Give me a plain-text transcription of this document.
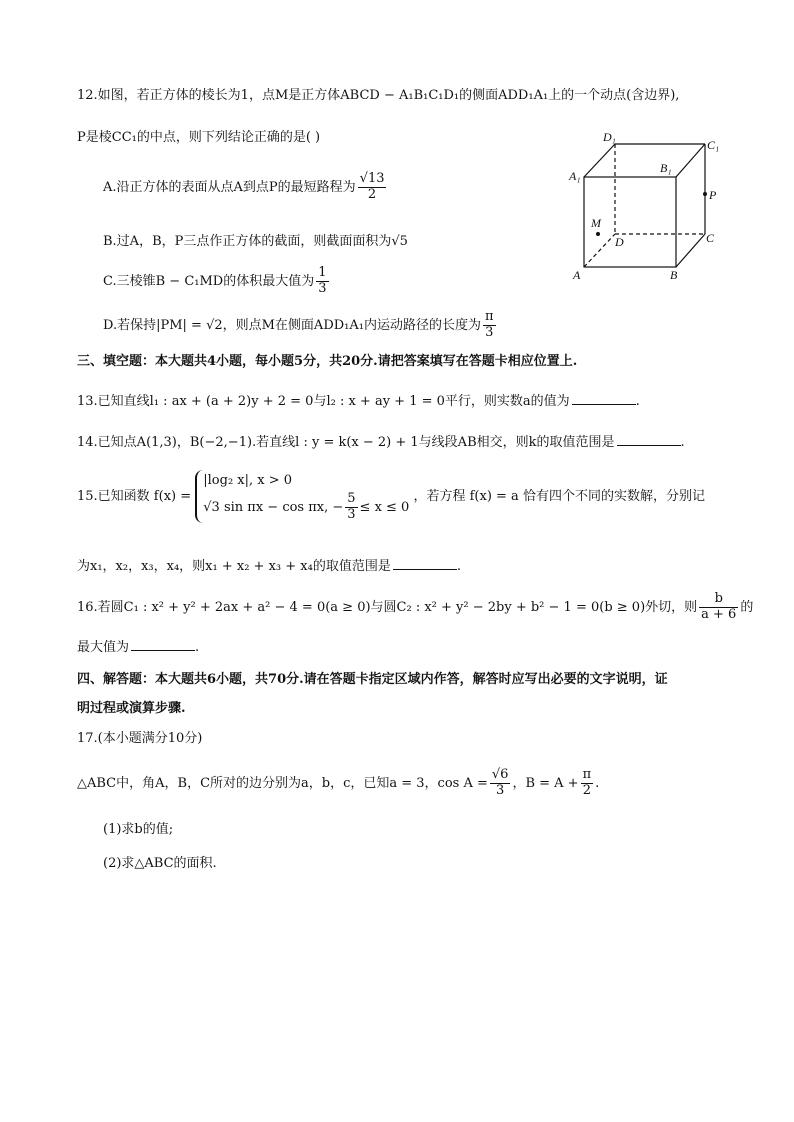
12.如图，若正方体的棱长为1，点M是正方体ABCD − A₁B₁C₁D₁的侧面ADD₁A₁上的一个动点(含边界),
P是棱CC₁的中点，则下列结论正确的是( )
A.沿正方体的表面从点A到点P的最短路程为 $\frac{√13}{2}$
B.过A，B，P三点作正方体的截面，则截面面积为√5
C.三棱锥B − C₁MD的体积最大值为 $\frac{1}{3}$
D.若保持|PM| = √2，则点M在侧面ADD₁A₁内运动路径的长度为 $\frac{\pi}{3}$
D₁
C₁
A₁
B₁
P
M
D	C
A	B
三、填空题：本大题共4小题，每小题5分，共20分.请把答案填写在答题卡相应位置上.
13.已知直线l₁ : ax + (a + 2)y + 2 = 0与l₂ : x + ay + 1 = 0平行，则实数a的值为	.
14.已知点A(1,3)，B(−2,−1).若直线l : y = k(x − 2) + 1与线段AB相交，则k的取值范围是	.
15.已知函数 f(x) =
|log₂ x|, x > 0
√3 sin πx − cos πx, − $\frac{5}{3} \le x \le 0$
，若方程 f(x) = a 恰有四个不同的实数解，分别记
为x₁，x₂，x₃，x₄，则x₁ + x₂ + x₃ + x₄的取值范围是	.
16.若圆C₁ : x² + y² + 2ax + a² − 4 = 0(a ≥ 0)与圆C₂ : x² + y² − 2by + b² − 1 = 0(b ≥ 0)外切，则 $\frac{b}{a + 6}$ 的
最大值为	.
四、解答题：本大题共6小题，共70分.请在答题卡指定区域内作答，解答时应写出必要的文字说明，证
明过程或演算步骤.
17.(本小题满分10分)
△ABC中，角A，B，C所对的边分别为a，b，c，已知a = 3，$\cos A = \frac{√6}{3}$ ，$B = A + \frac{\pi}{2}$ .
(1)求b的值;
(2)求△ABC的面积.
